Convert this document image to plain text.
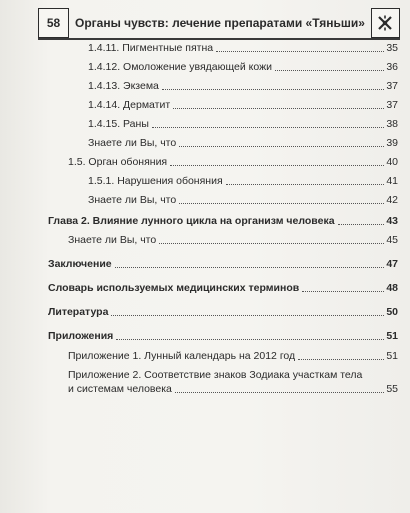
58	Органы чувств: лечение препаратами «Тяньши»
1.4.11. Пигментные пятна	35
1.4.12. Омоложение увядающей кожи	36
1.4.13. Экзема	37
1.4.14. Дерматит	37
1.4.15. Раны	38
Знаете ли Вы, что	39
1.5. Орган обоняния	40
1.5.1. Нарушения обоняния	41
Знаете ли Вы, что	42
Глава 2. Влияние лунного цикла на организм человека	43
Знаете ли Вы, что	45
Заключение	47
Словарь используемых медицинских терминов	48
Литература	50
Приложения	51
Приложение 1. Лунный календарь на 2012 год	51
Приложение 2. Соответствие знаков Зодиака участкам тела
и системам человека	55
